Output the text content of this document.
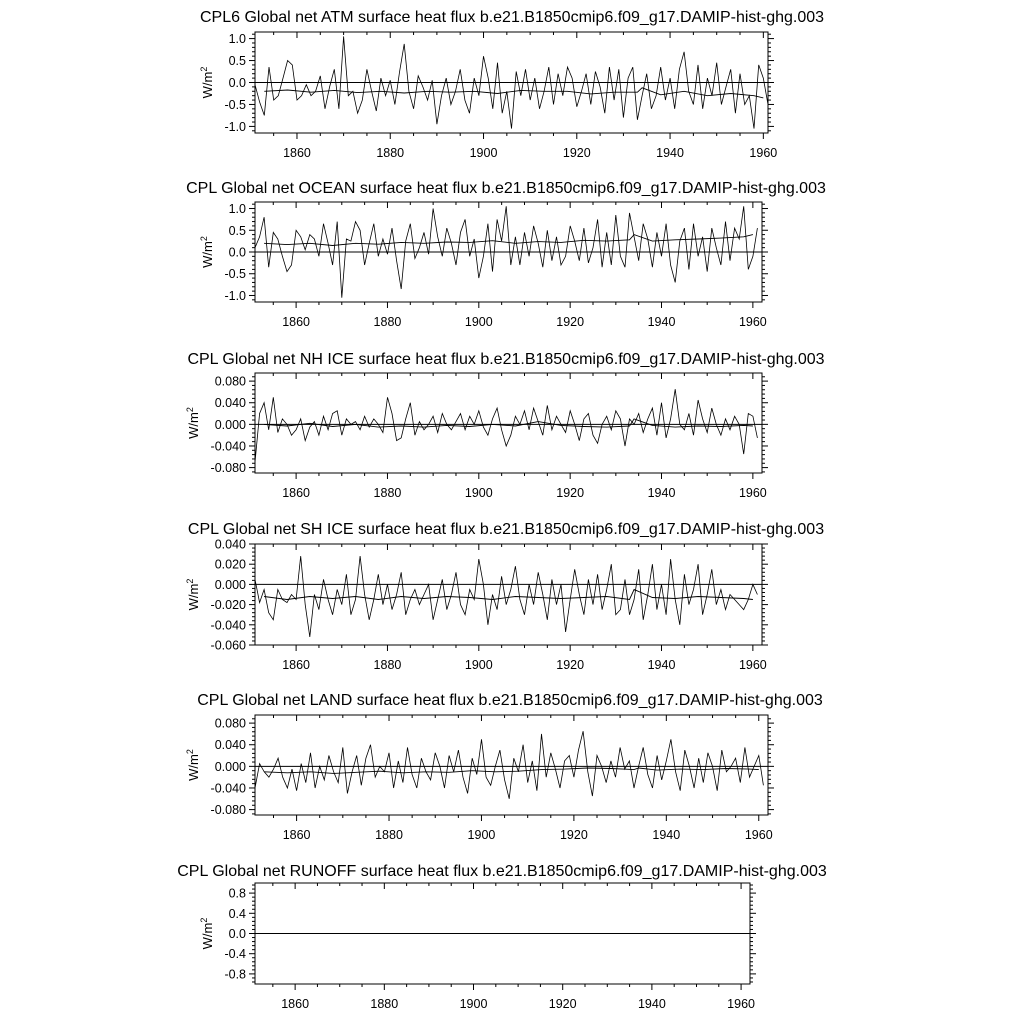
CPL6 Global net ATM surface heat flux b.e21.B1850cmip6.f09_g17.DAMIP-hist-ghg.003
1860	1880	1900	1920	1940	1960
-1.0
-0.5
0.0
0.5
1.0
$W/m^2$
CPL Global net OCEAN surface heat flux b.e21.B1850cmip6.f09_g17.DAMIP-hist-ghg.003
1860	1880	1900	1920	1940	1960
-1.0
-0.5
0.0
0.5
1.0
$W/m^2$
CPL Global net NH ICE surface heat flux b.e21.B1850cmip6.f09_g17.DAMIP-hist-ghg.003
1860	1880	1900	1920	1940	1960
-0.080
-0.040
0.000
0.040
0.080
$W/m^2$
CPL Global net SH ICE surface heat flux b.e21.B1850cmip6.f09_g17.DAMIP-hist-ghg.003
1860	1880	1900	1920	1940	1960
-0.060
-0.040
-0.020
0.000
0.020
0.040
$W/m^2$
CPL Global net LAND surface heat flux b.e21.B1850cmip6.f09_g17.DAMIP-hist-ghg.003
1860	1880	1900	1920	1940	1960
-0.080
-0.040
0.000
0.040
0.080
$W/m^2$
CPL Global net RUNOFF surface heat flux b.e21.B1850cmip6.f09_g17.DAMIP-hist-ghg.003
1860	1880	1900	1920	1940	1960
-0.8
-0.4
0.0
0.4
0.8
$W/m^2$
